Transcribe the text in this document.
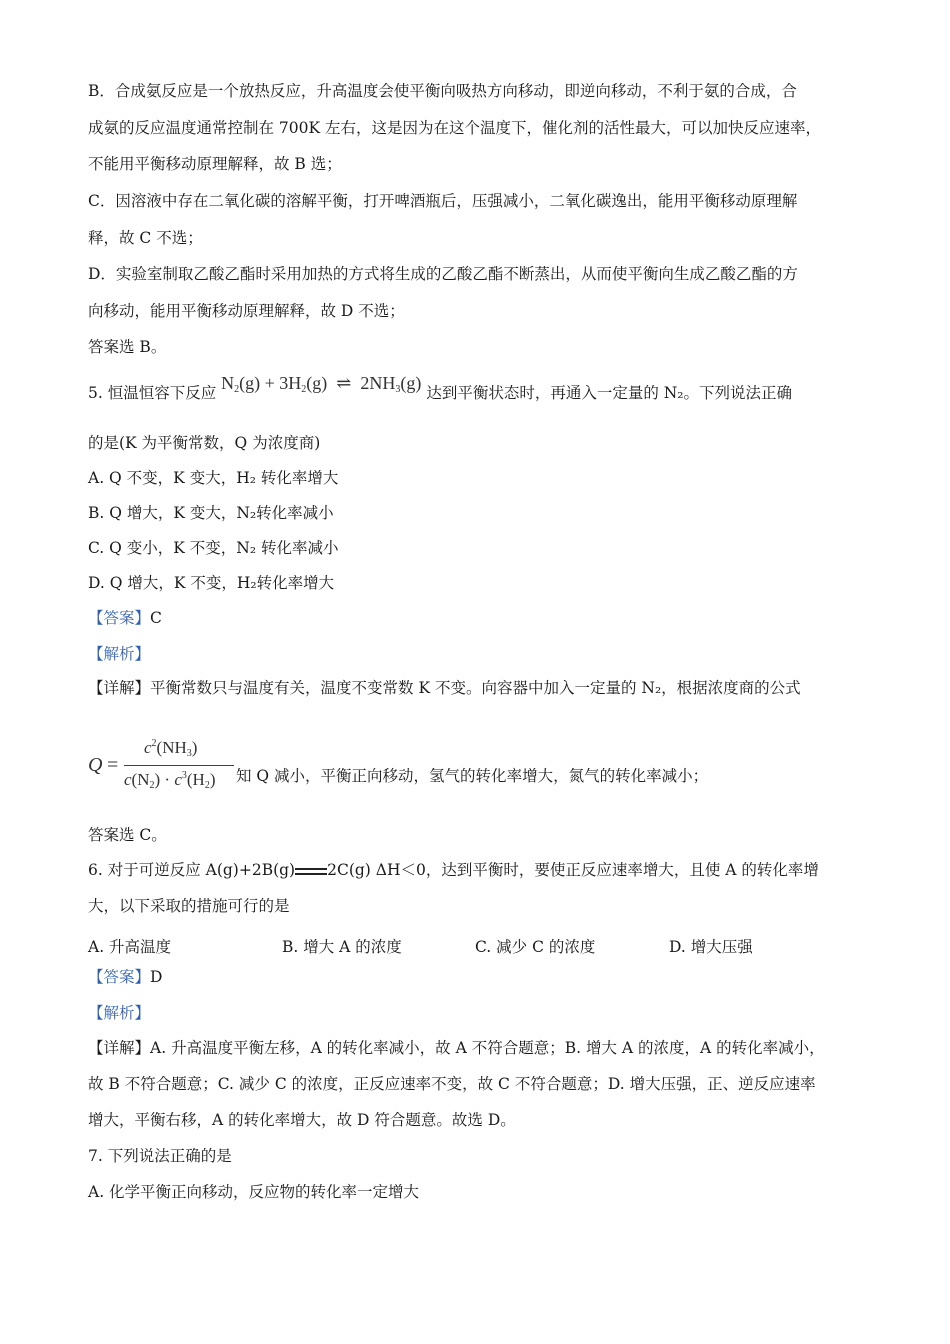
B．合成氨反应是一个放热反应，升高温度会使平衡向吸热方向移动，即逆向移动，不利于氨的合成，合
成氨的反应温度通常控制在 700K 左右，这是因为在这个温度下，催化剂的活性最大，可以加快反应速率，
不能用平衡移动原理解释，故 B 选；
C．因溶液中存在二氧化碳的溶解平衡，打开啤酒瓶后，压强减小，二氧化碳逸出，能用平衡移动原理解
释，故 C 不选；
D．实验室制取乙酸乙酯时采用加热的方式将生成的乙酸乙酯不断蒸出，从而使平衡向生成乙酸乙酯的方
向移动，能用平衡移动原理解释，故 D 不选；
答案选 B。
5. 恒温恒容下反应 $N_2(g) + 3H_2(g)$  ⇌  $2NH_3(g)$ 达到平衡状态时，再通入一定量的 N₂。下列说法正确
的是(K 为平衡常数，Q 为浓度商)
A. Q 不变，K 变大，H₂ 转化率增大
B. Q 增大，K 变大，N₂转化率减小
C. Q 变小，K 不变，N₂ 转化率减小
D. Q 增大，K 不变，H₂转化率增大
【答案】C
【解析】
【详解】平衡常数只与温度有关，温度不变常数 K 不变。向容器中加入一定量的 N₂，根据浓度商的公式
Q =
$c^2(NH_3)$
$c(N_2) \cdot c^3(H_2)$ 知 Q 减小，平衡正向移动，氢气的转化率增大，氮气的转化率减小；
答案选 C。
6. 对于可逆反应 A(g)+2B(g) 2C(g) ΔH＜0，达到平衡时，要使正反应速率增大，且使 A 的转化率增
大，以下采取的措施可行的是
A. 升高温度	B. 增大 A 的浓度	C. 减少 C 的浓度	D. 增大压强
【答案】D
【解析】
【详解】A. 升高温度平衡左移，A 的转化率减小，故 A 不符合题意；B. 增大 A 的浓度，A 的转化率减小，
故 B 不符合题意；C. 减少 C 的浓度，正反应速率不变，故 C 不符合题意；D. 增大压强，正、逆反应速率
增大，平衡右移，A 的转化率增大，故 D 符合题意。故选 D。
7. 下列说法正确的是
A. 化学平衡正向移动，反应物的转化率一定增大
